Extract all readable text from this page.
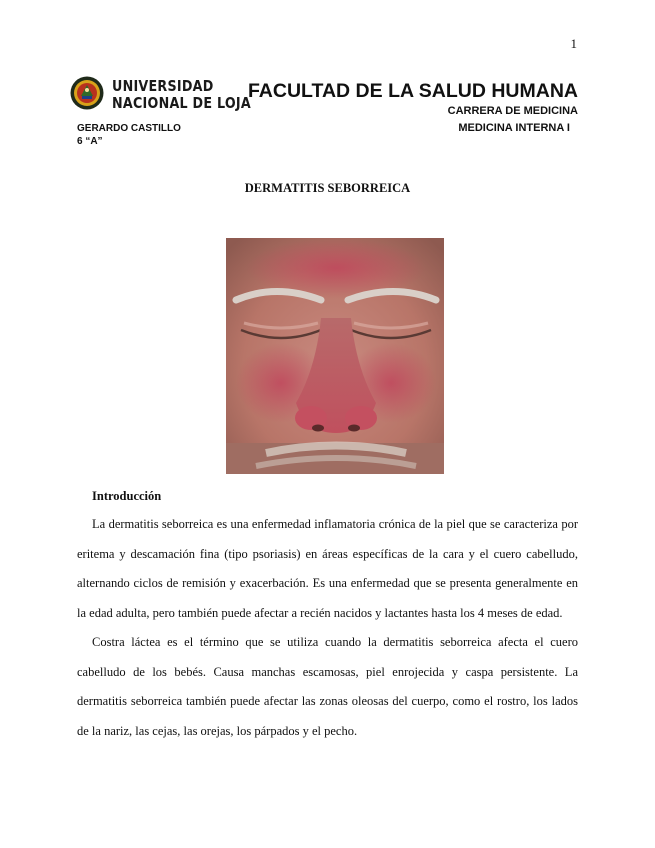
1
UNIVERSIDAD
NACIONAL DE LOJA
FACULTAD DE LA SALUD HUMANA
CARRERA DE MEDICINA
MEDICINA INTERNA I
GERARDO CASTILLO
6 “A”
DERMATITIS SEBORREICA
Introducción

La dermatitis seborreica es una enfermedad inflamatoria crónica de la piel que se caracteriza por eritema y descamación fina (tipo psoriasis) en áreas específicas de la cara y el cuero cabelludo, alternando ciclos de remisión y exacerbación. Es una enfermedad que se presenta generalmente en la edad adulta, pero también puede afectar a recién nacidos y lactantes hasta los 4 meses de edad.

Costra láctea es el término que se utiliza cuando la dermatitis seborreica afecta el cuero cabelludo de los bebés. Causa manchas escamosas, piel enrojecida y caspa persistente. La dermatitis seborreica también puede afectar las zonas oleosas del cuerpo, como el rostro, los lados de la nariz, las cejas, las orejas, los párpados y el pecho.
